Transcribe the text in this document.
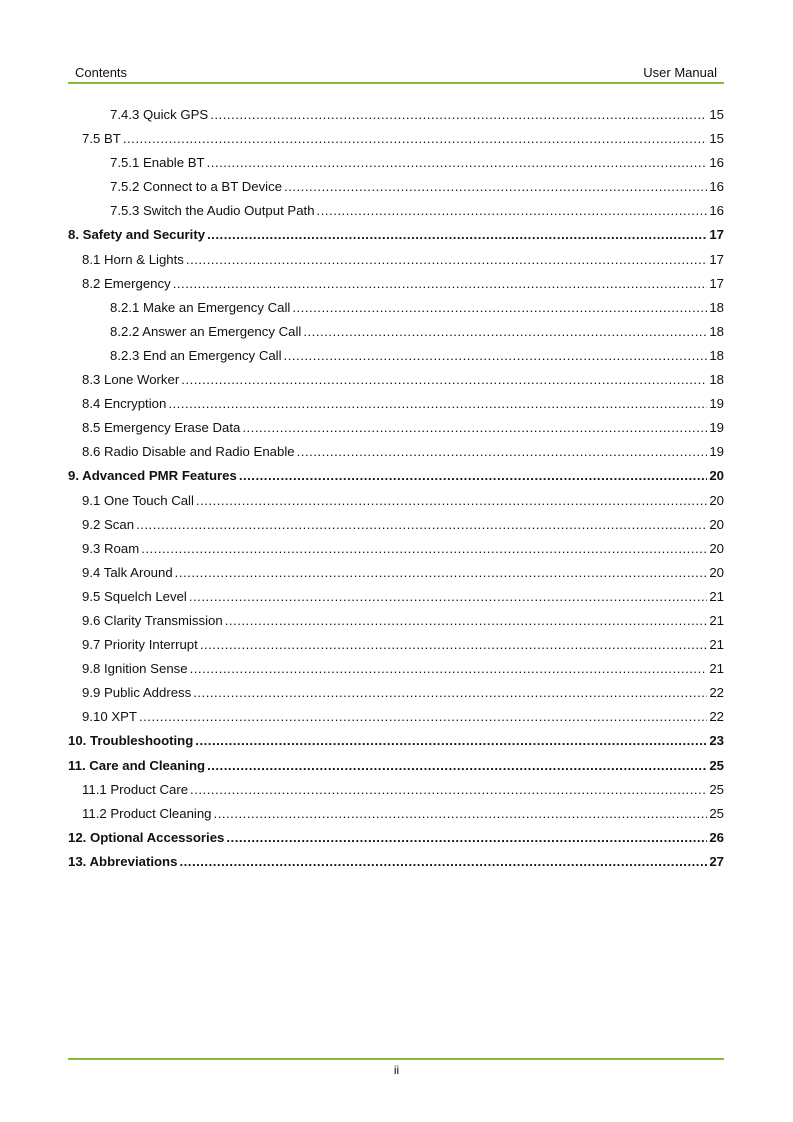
Contents	User Manual
7.4.3 Quick GPS .....	15
7.5 BT .....	15
7.5.1 Enable BT .....	16
7.5.2 Connect to a BT Device .....	16
7.5.3 Switch the Audio Output Path .....	16
8. Safety and Security .....	17
8.1 Horn & Lights .....	17
8.2 Emergency .....	17
8.2.1 Make an Emergency Call .....	18
8.2.2 Answer an Emergency Call .....	18
8.2.3 End an Emergency Call .....	18
8.3 Lone Worker .....	18
8.4 Encryption .....	19
8.5 Emergency Erase Data .....	19
8.6 Radio Disable and Radio Enable .....	19
9. Advanced PMR Features .....	20
9.1 One Touch Call .....	20
9.2 Scan .....	20
9.3 Roam .....	20
9.4 Talk Around .....	20
9.5 Squelch Level .....	21
9.6 Clarity Transmission .....	21
9.7 Priority Interrupt .....	21
9.8 Ignition Sense .....	21
9.9 Public Address .....	22
9.10 XPT .....	22
10. Troubleshooting .....	23
11. Care and Cleaning .....	25
11.1 Product Care .....	25
11.2 Product Cleaning .....	25
12. Optional Accessories .....	26
13. Abbreviations .....	27
ii
